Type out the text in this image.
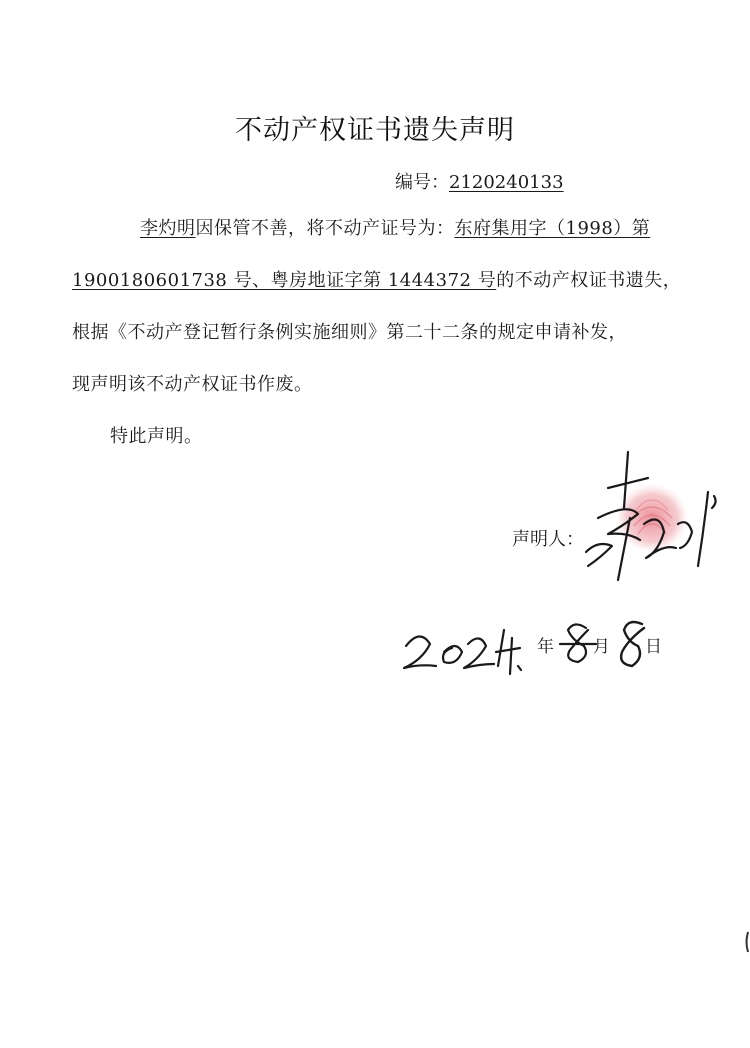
不动产权证书遗失声明
编号：2120240133
李灼明因保管不善，将不动产证号为：东府集用字（1998）第
1900180601738 号、粤房地证字第 1444372 号的不动产权证书遗失，
根据《不动产登记暂行条例实施细则》第二十二条的规定申请补发，
现声明该不动产权证书作废。
特此声明。
声明人：
年 月 日
